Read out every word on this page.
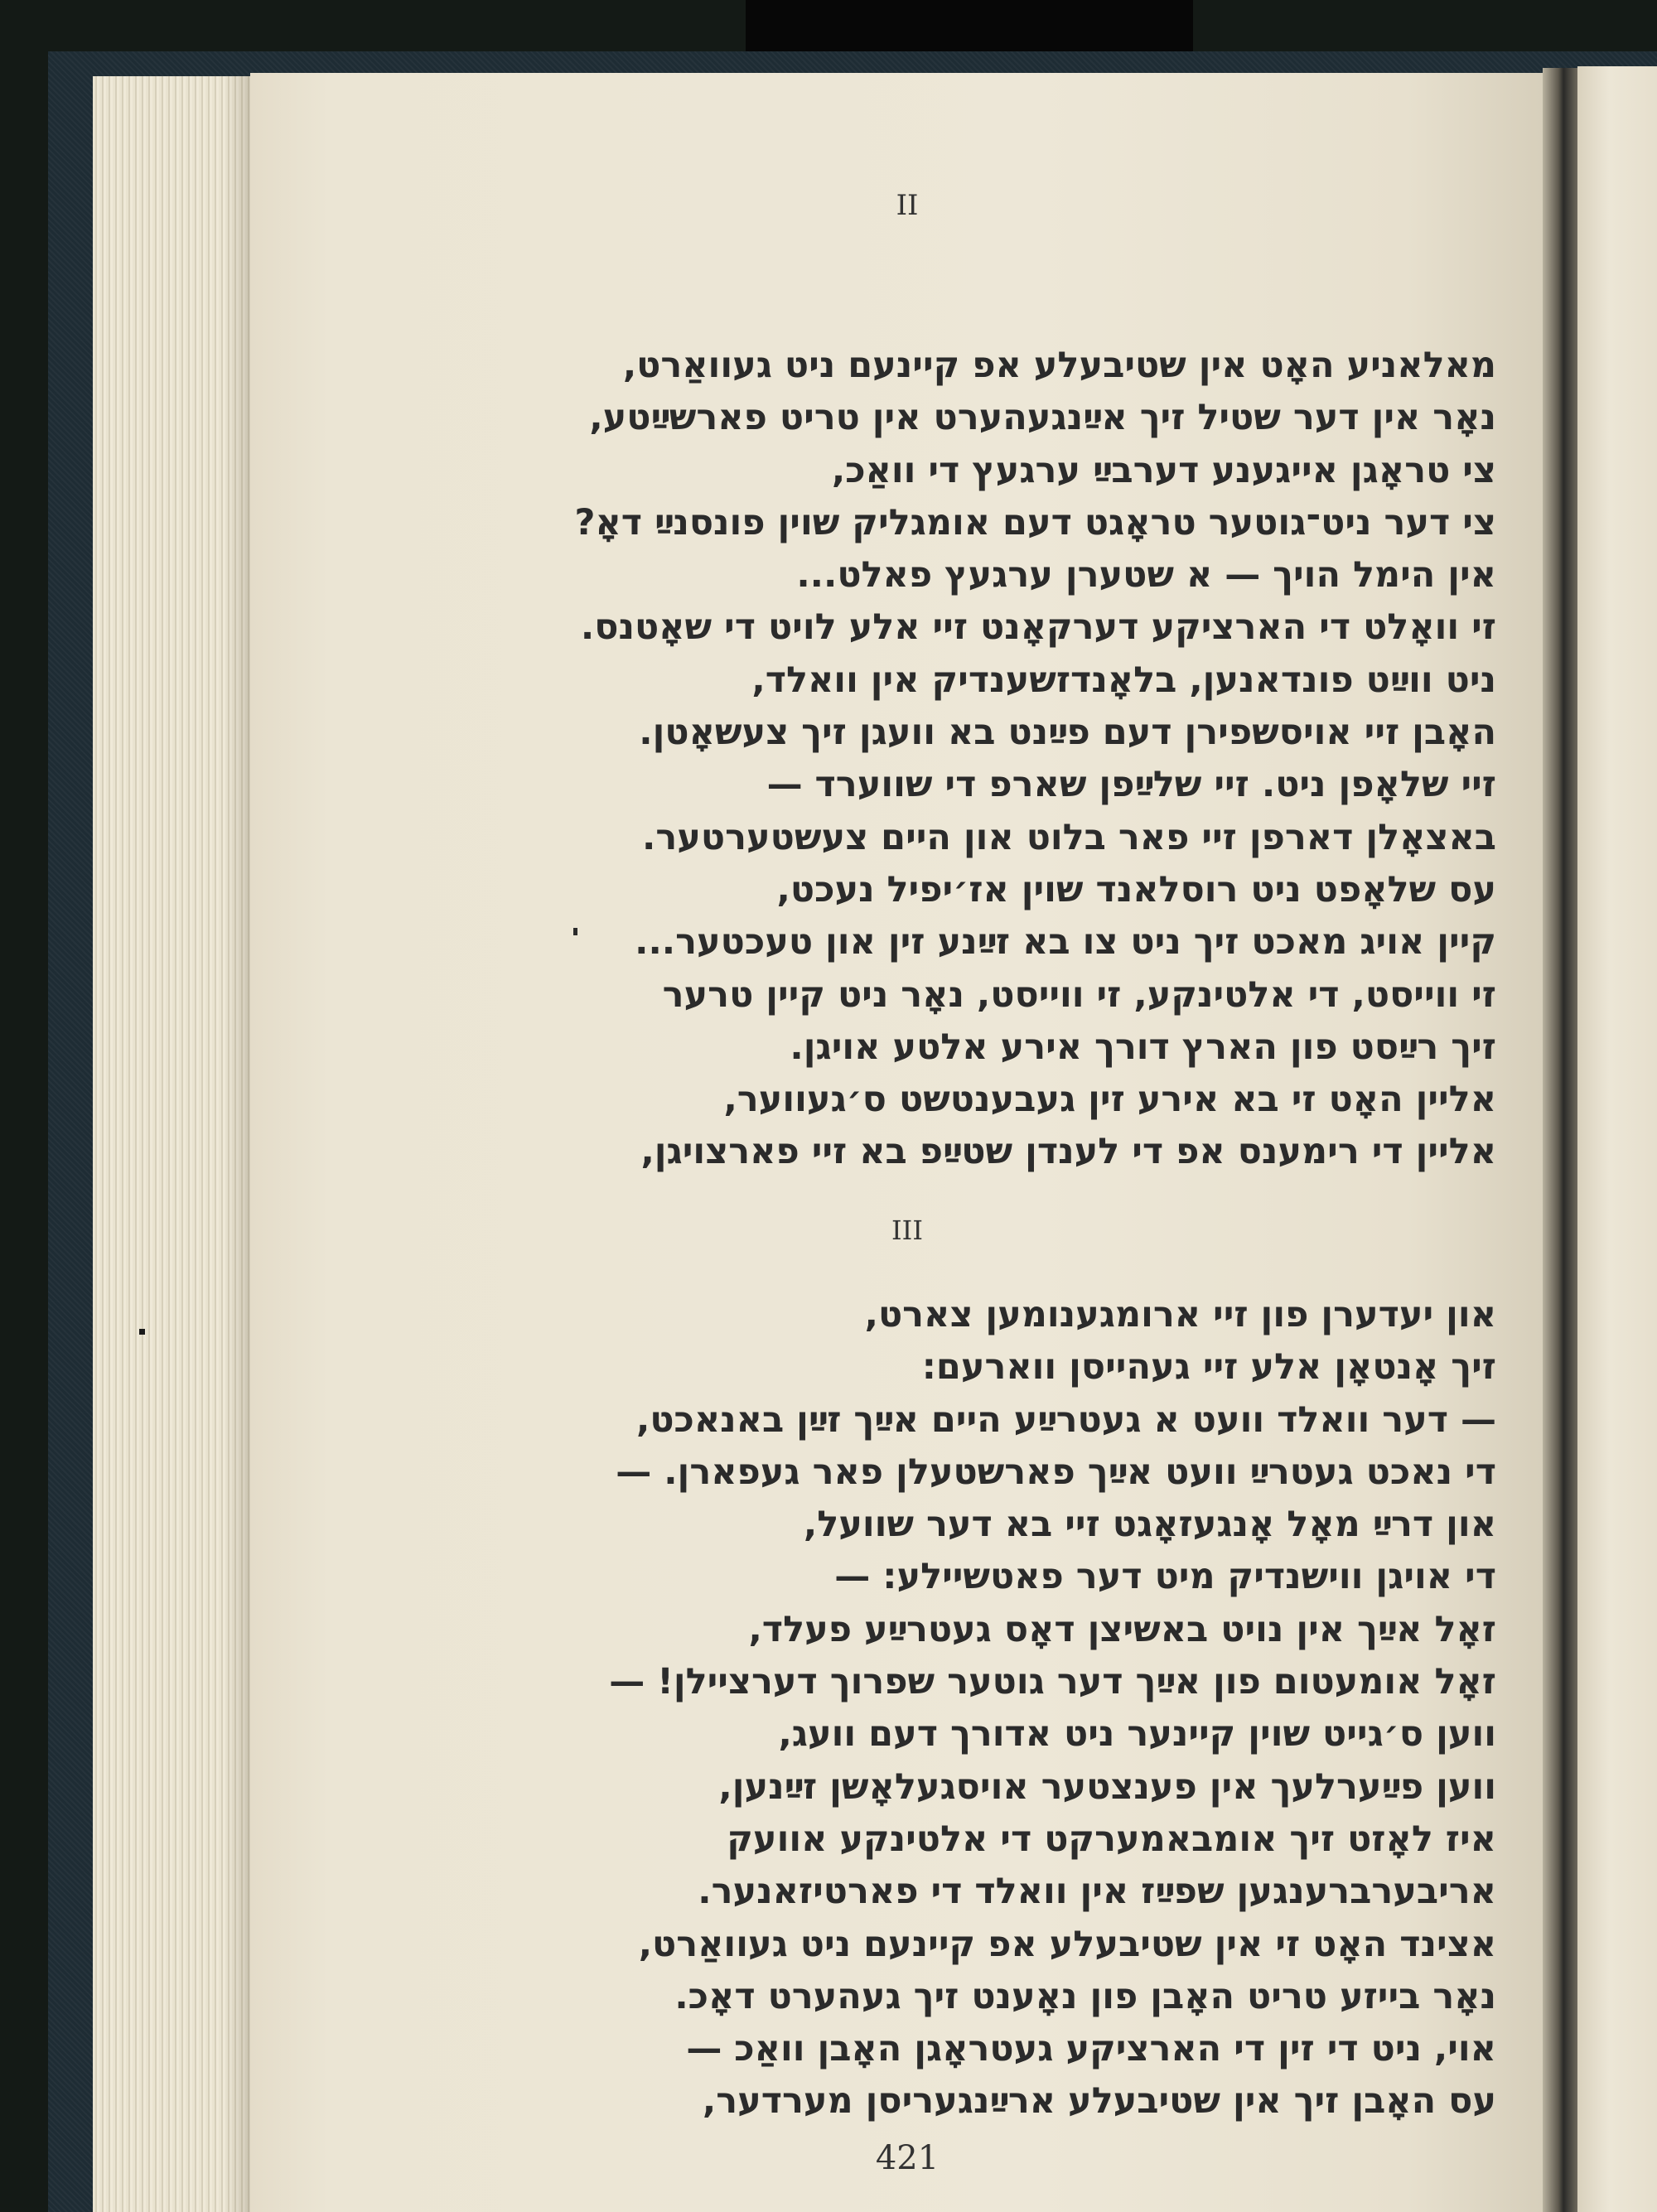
II
מאלאניע האָט אין שטיבעלע אפ קיינעם ניט געוואַרט,
נאָר אין דער שטיל זיך אײַנגעהערט אין טריט פארשײַטע,
צי טראָגן אייגענע דערבײַ ערגעץ די וואַכ,
צי דער ניט־גוטער טראָגט דעם אומגליק שוין פונסנײַ דאָ?
אין הימל הויך — א שטערן ערגעץ פאלט...
זי וואָלט די הארציקע דערקאָנט זיי אלע לויט די שאָטנס.
ניט ווײַט פונדאנען, בלאָנדזשענדיק אין וואלד,
האָבן זיי אויסשפירן דעם פײַנט בא וועגן זיך צעשאָטן.
זיי שלאָפן ניט. זיי שלײַפן שארפ די שווערד —
באצאָלן דארפן זיי פאר בלוט און היים צעשטערטער.
עס שלאָפט ניט רוסלאנד שוין אז׳יפיל נעכט,
קיין אויג מאכט זיך ניט צו בא זײַנע זין און טעכטער...
זי ווייסט, די אלטינקע, זי ווייסט, נאָר ניט קיין טרער
זיך רײַסט פון הארץ דורך אירע אלטע אויגן.
אליין האָט זי בא אירע זין געבענטשט ס׳געווער,
אליין די רימענס אפ די לענדן שטײַפ בא זיי פארצויגן,
III
און יעדערן פון זיי ארומגענומען צארט,
זיך אָנטאָן אלע זיי געהייסן ווארעם:
— דער וואלד וועט א געטרײַע היים אײַך זײַן באנאכט,
די נאכט געטרײַ וועט אײַך פארשטעלן פאר געפארן. —
און דרײַ מאָל אָנגעזאָגט זיי בא דער שוועל,
די אויגן ווישנדיק מיט דער פאטשיילע: —
זאָל אײַך אין נויט באשיצן דאָס געטרײַע פעלד,
זאָל אומעטום פון אײַך דער גוטער שפרוך דערציילן! —
ווען ס׳גייט שוין קיינער ניט אדורך דעם וועג,
ווען פײַערלעך אין פענצטער אויסגעלאָשן זײַנען,
איז לאָזט זיך אומבאמערקט די אלטינקע אוועק
אריבערברענגען שפײַז אין וואלד די פארטיזאנער.
אצינד האָט זי אין שטיבעלע אפ קיינעם ניט געוואַרט,
נאָר בייזע טריט האָבן פון נאָענט זיך געהערט דאָכ.
אוי, ניט די זין די הארציקע געטראָגן האָבן וואַכ —
עס האָבן זיך אין שטיבעלע ארײַנגעריסן מערדער,
421
